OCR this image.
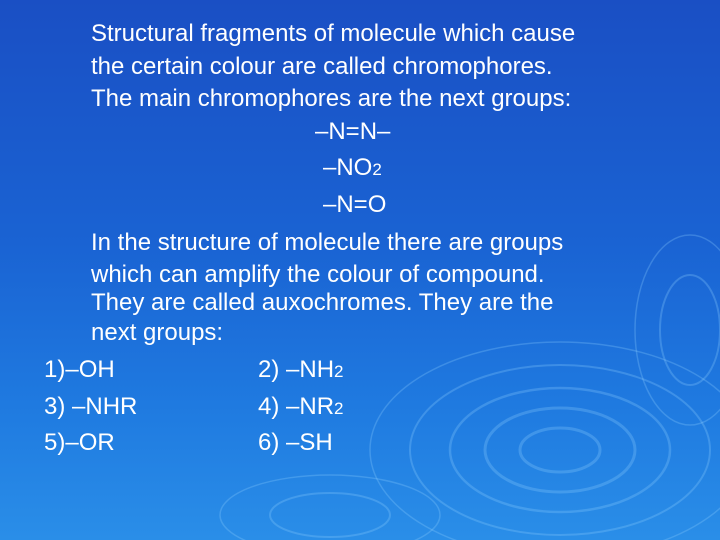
Structural fragments of molecule which cause
the certain colour are called chromophores.
The main chromophores are the next groups:
–N=N–
–NO2
–N=O
In the structure of molecule there are groups
which can amplify the colour of compound.
They are called auxochromes. They are the
next groups:
1)–OH	2) –NH2
3) –NHR	4) –NR2
5)–OR	6) –SH
